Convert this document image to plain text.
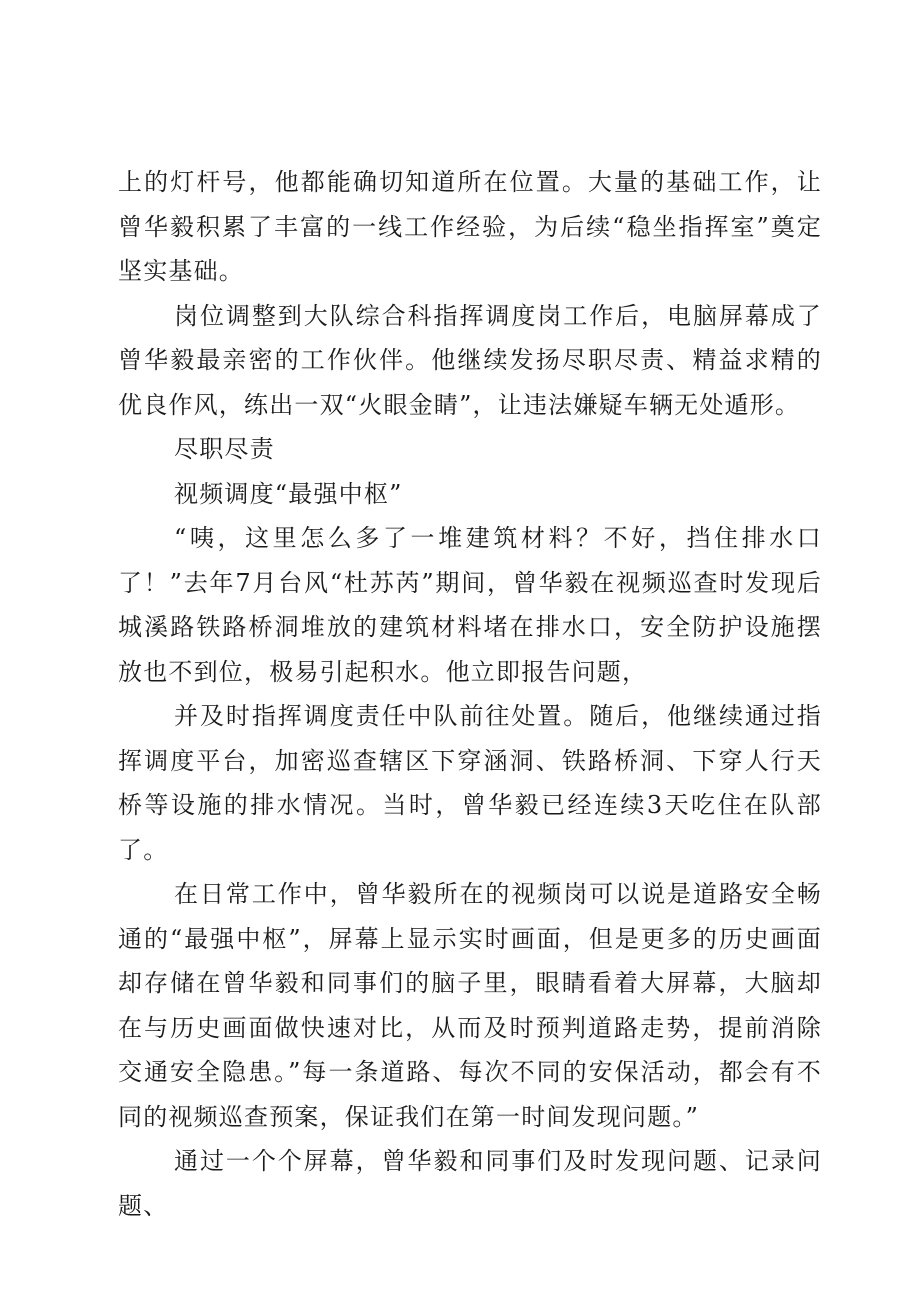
上的灯杆号，他都能确切知道所在位置。大量的基础工作，让曾华毅积累了丰富的一线工作经验，为后续“稳坐指挥室”奠定坚实基础。

岗位调整到大队综合科指挥调度岗工作后，电脑屏幕成了曾华毅最亲密的工作伙伴。他继续发扬尽职尽责、精益求精的优良作风，练出一双“火眼金睛”，让违法嫌疑车辆无处遁形。

尽职尽责

视频调度“最强中枢”

“咦，这里怎么多了一堆建筑材料？不好，挡住排水口了！”去年7月台风“杜苏芮”期间，曾华毅在视频巡查时发现后城溪路铁路桥洞堆放的建筑材料堵在排水口，安全防护设施摆放也不到位，极易引起积水。他立即报告问题，

并及时指挥调度责任中队前往处置。随后，他继续通过指挥调度平台，加密巡查辖区下穿涵洞、铁路桥洞、下穿人行天桥等设施的排水情况。当时，曾华毅已经连续3天吃住在队部了。

在日常工作中，曾华毅所在的视频岗可以说是道路安全畅通的“最强中枢”，屏幕上显示实时画面，但是更多的历史画面却存储在曾华毅和同事们的脑子里，眼睛看着大屏幕，大脑却在与历史画面做快速对比，从而及时预判道路走势，提前消除交通安全隐患。”每一条道路、每次不同的安保活动，都会有不同的视频巡查预案，保证我们在第一时间发现问题。”

通过一个个屏幕，曾华毅和同事们及时发现问题、记录问题、
